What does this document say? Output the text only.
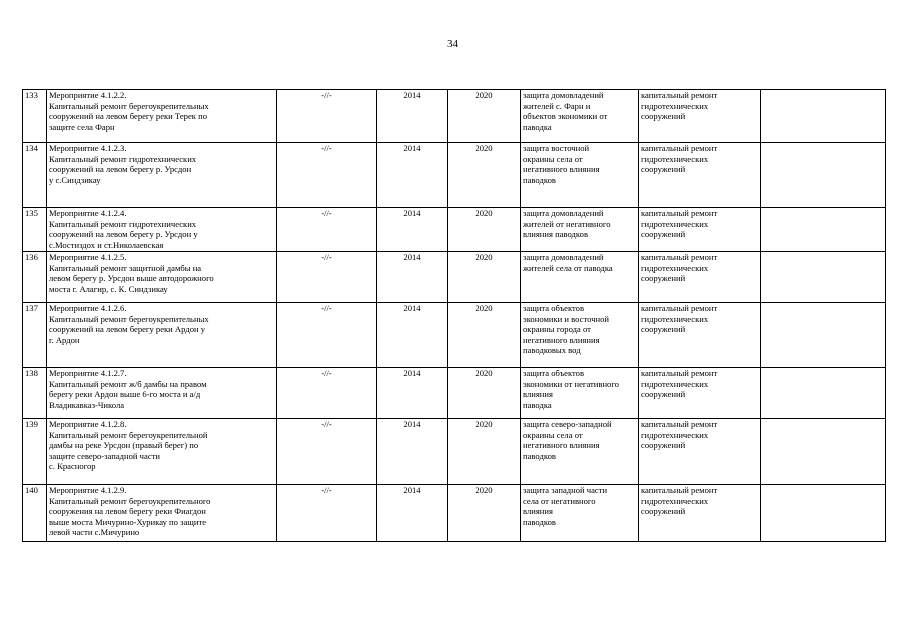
34
133	Мероприятие 4.1.2.2.
Капитальный ремонт берегоукрепительных
сооружений на левом берегу реки Терек по
защите села Фарн	-//-	2014	2020	защита домовладений
жителей с. Фарн и
объектов экономики от
паводка	капитальный ремонт
гидротехнических
сооружений	

134	Мероприятие 4.1.2.3.
Капитальный ремонт гидротехнических
сооружений на левом берегу р. Урсдон
у с.Синдзикау	-//-	2014	2020	защита восточной
окраины села от
негативного влияния
паводков	капитальный ремонт
гидротехнических
сооружений	

135	Мероприятие 4.1.2.4.
Капитальный ремонт гидротехнических
сооружений на левом берегу р. Урсдон у
с.Мостиздох и ст.Николаевская	-//-	2014	2020	защита домовладений
жителей от негативного
влияния паводков	капитальный ремонт
гидротехнических
сооружений	

136	Мероприятие 4.1.2.5.
Капитальный ремонт защитной дамбы на
левом берегу р. Урсдон выше автодорожного
моста г. Алагир, с. К. Синдзикау	-//-	2014	2020	защита домовладений
жителей села от паводка	капитальный ремонт
гидротехнических
сооружений	

137	Мероприятие 4.1.2.6.
Капитальный ремонт берегоукрепительных
сооружений на левом берегу реки Ардон у
г. Ардон	-//-	2014	2020	защита объектов
экономики и восточной
окраины города от
негативного влияния
паводковых вод	капитальный ремонт
гидротехнических
сооружений	

138	Мероприятие 4.1.2.7.
Капитальный ремонт ж/б дамбы на правом
берегу реки Ардон выше 6-го моста и а/д
Владикавказ-Чикола	-//-	2014	2020	защита объектов
экономики от негативного
влияния
паводка	капитальный ремонт
гидротехнических
сооружений	

139	Мероприятие 4.1.2.8.
Капитальный ремонт берегоукрепительной
дамбы на реке Урсдон (правый берег) по
защите северо-западной части
с. Красногор	-//-	2014	2020	защита северо-западной
окраины села от
негативного влияния
паводков	капитальный ремонт
гидротехнических
сооружений	

140	Мероприятие 4.1.2.9.
Капитальный ремонт берегоукрепительного
сооружения на левом берегу реки Фиагдон
выше моста Мичурино-Хурикау по защите
левой части с.Мичурино	-//-	2014	2020	защита западной части
села от негативного
влияния
паводков	капитальный ремонт
гидротехнических
сооружений	
